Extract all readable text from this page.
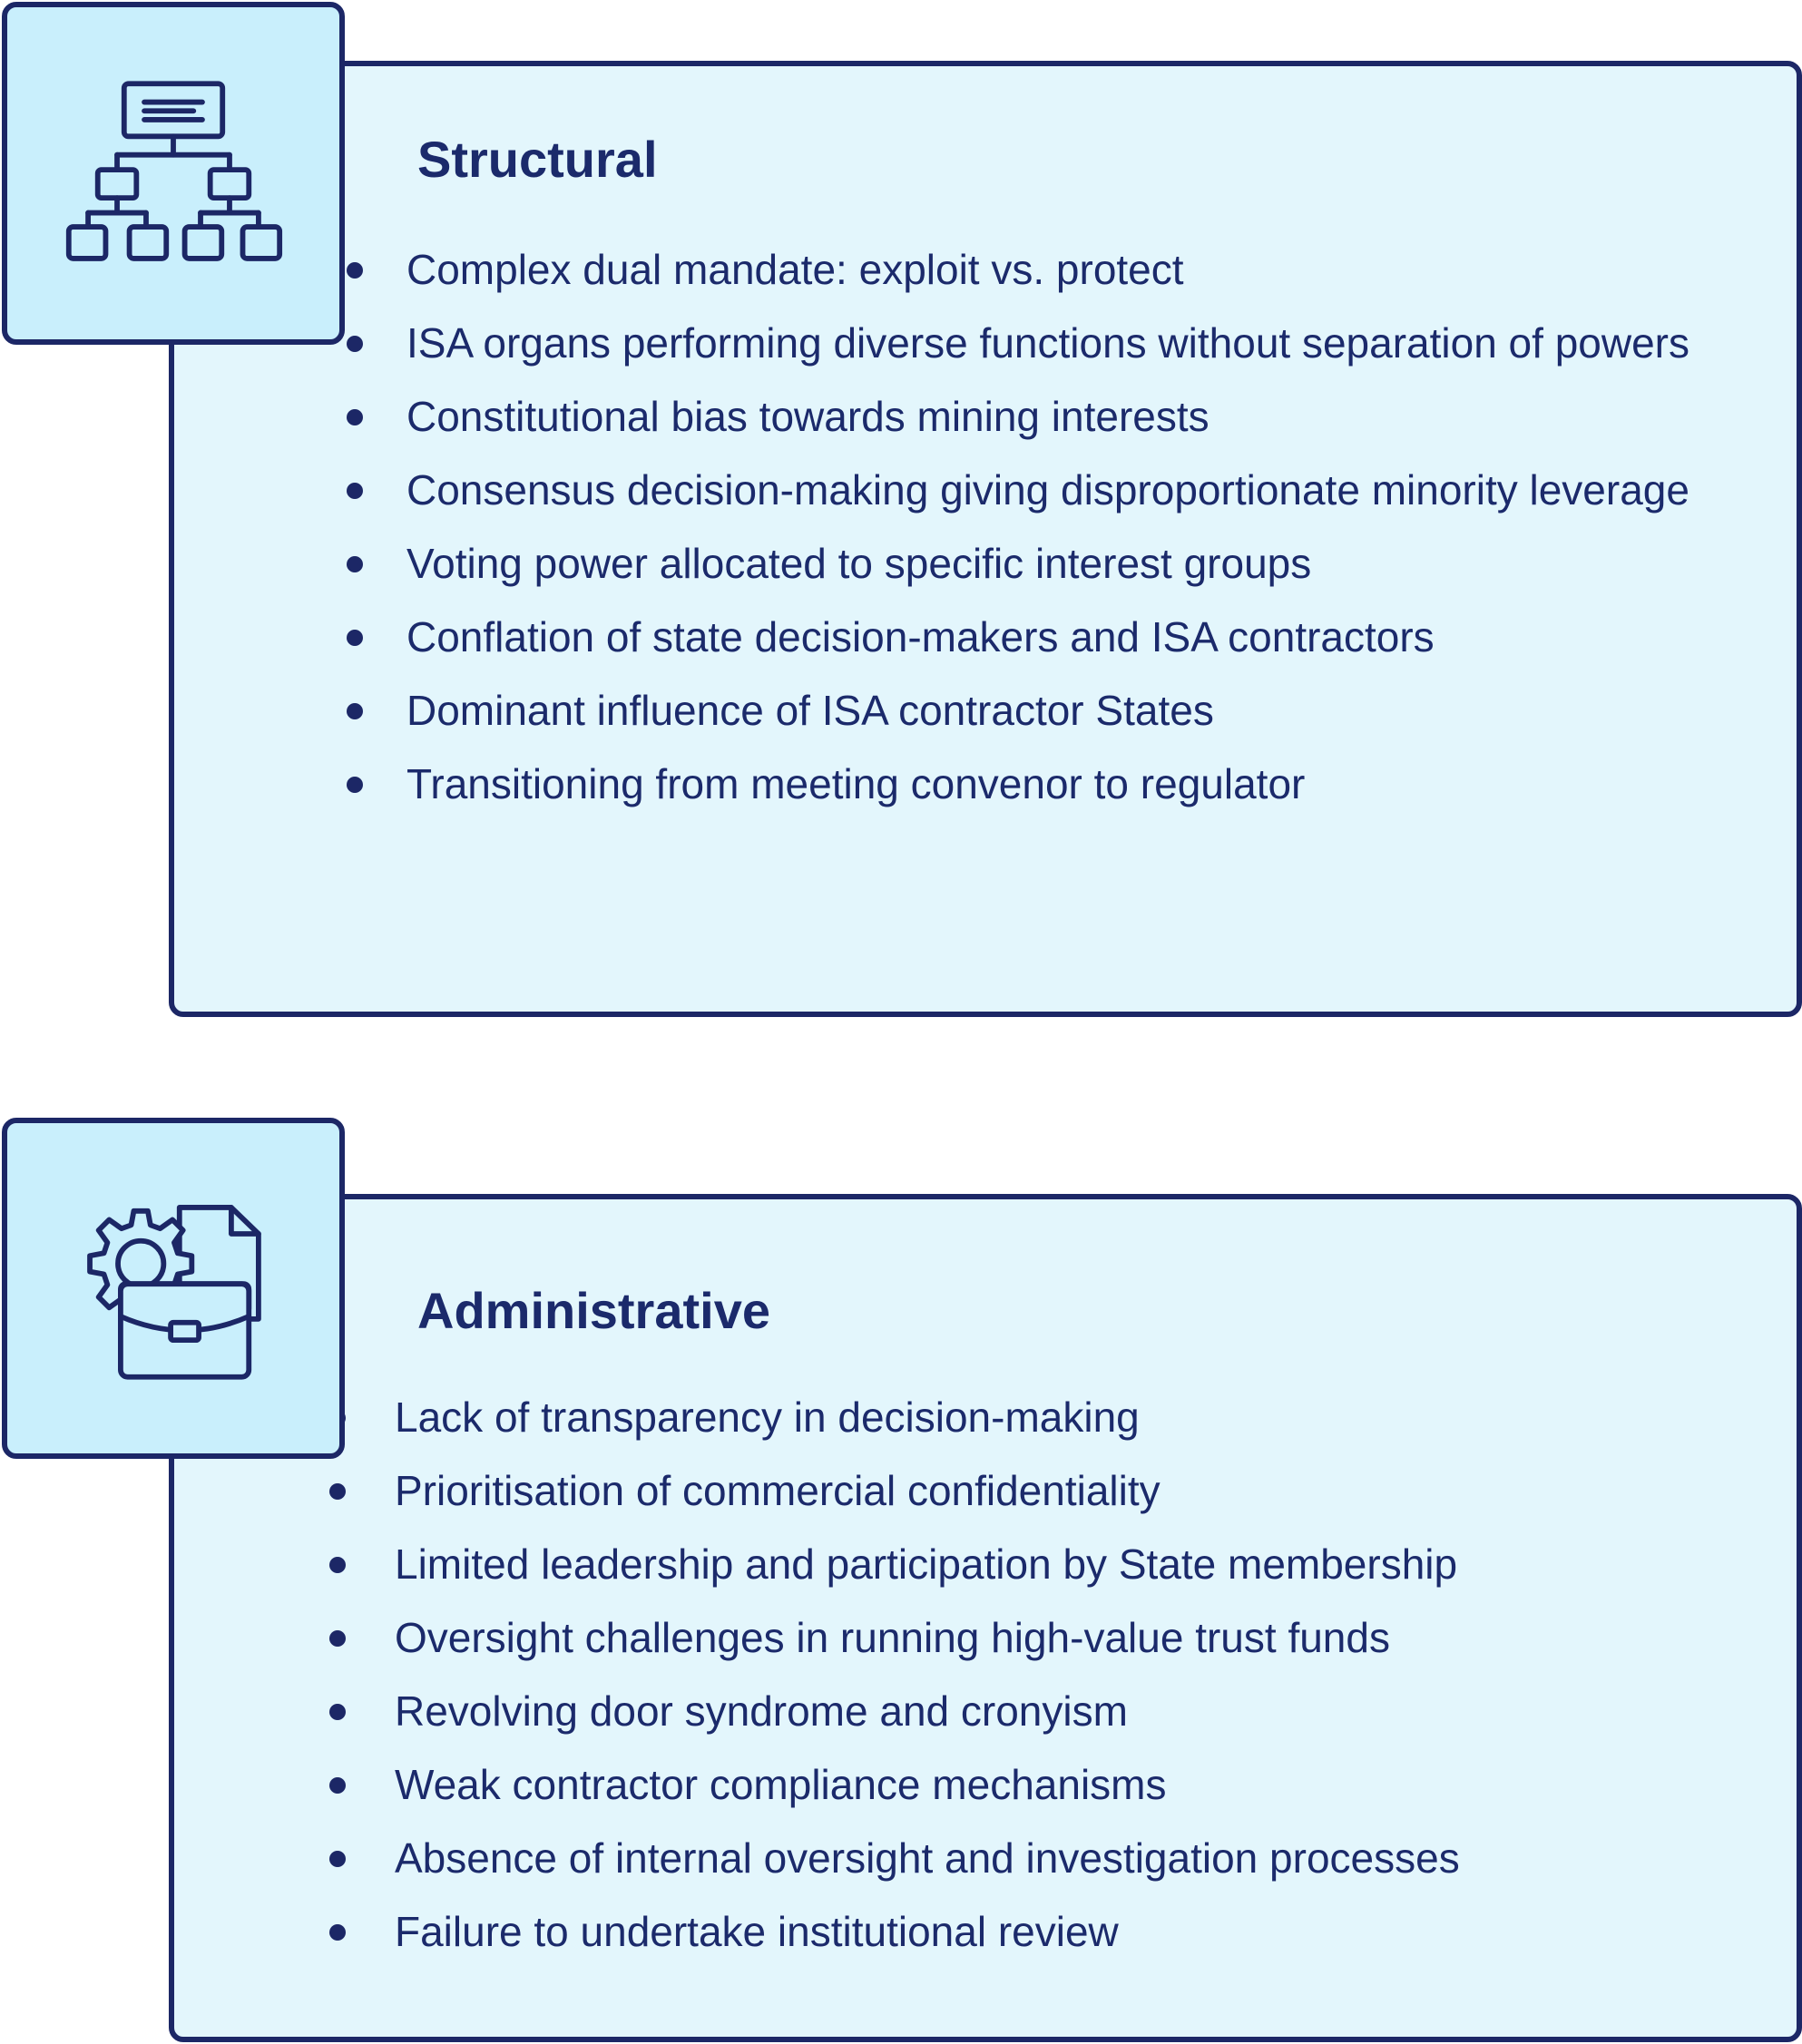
Structural
Complex dual mandate: exploit vs. protect
ISA organs performing diverse functions without separation of powers
Constitutional bias towards mining interests
Consensus decision-making giving disproportionate minority leverage
Voting power allocated to specific interest groups
Conflation of state decision-makers and ISA contractors
Dominant influence of ISA contractor States
Transitioning from meeting convenor to regulator
Administrative
Lack of transparency in decision-making
Prioritisation of commercial confidentiality
Limited leadership and participation by State membership
Oversight challenges in running high-value trust funds
Revolving door syndrome and cronyism
Weak contractor compliance mechanisms
Absence of internal oversight and investigation processes
Failure to undertake institutional review
